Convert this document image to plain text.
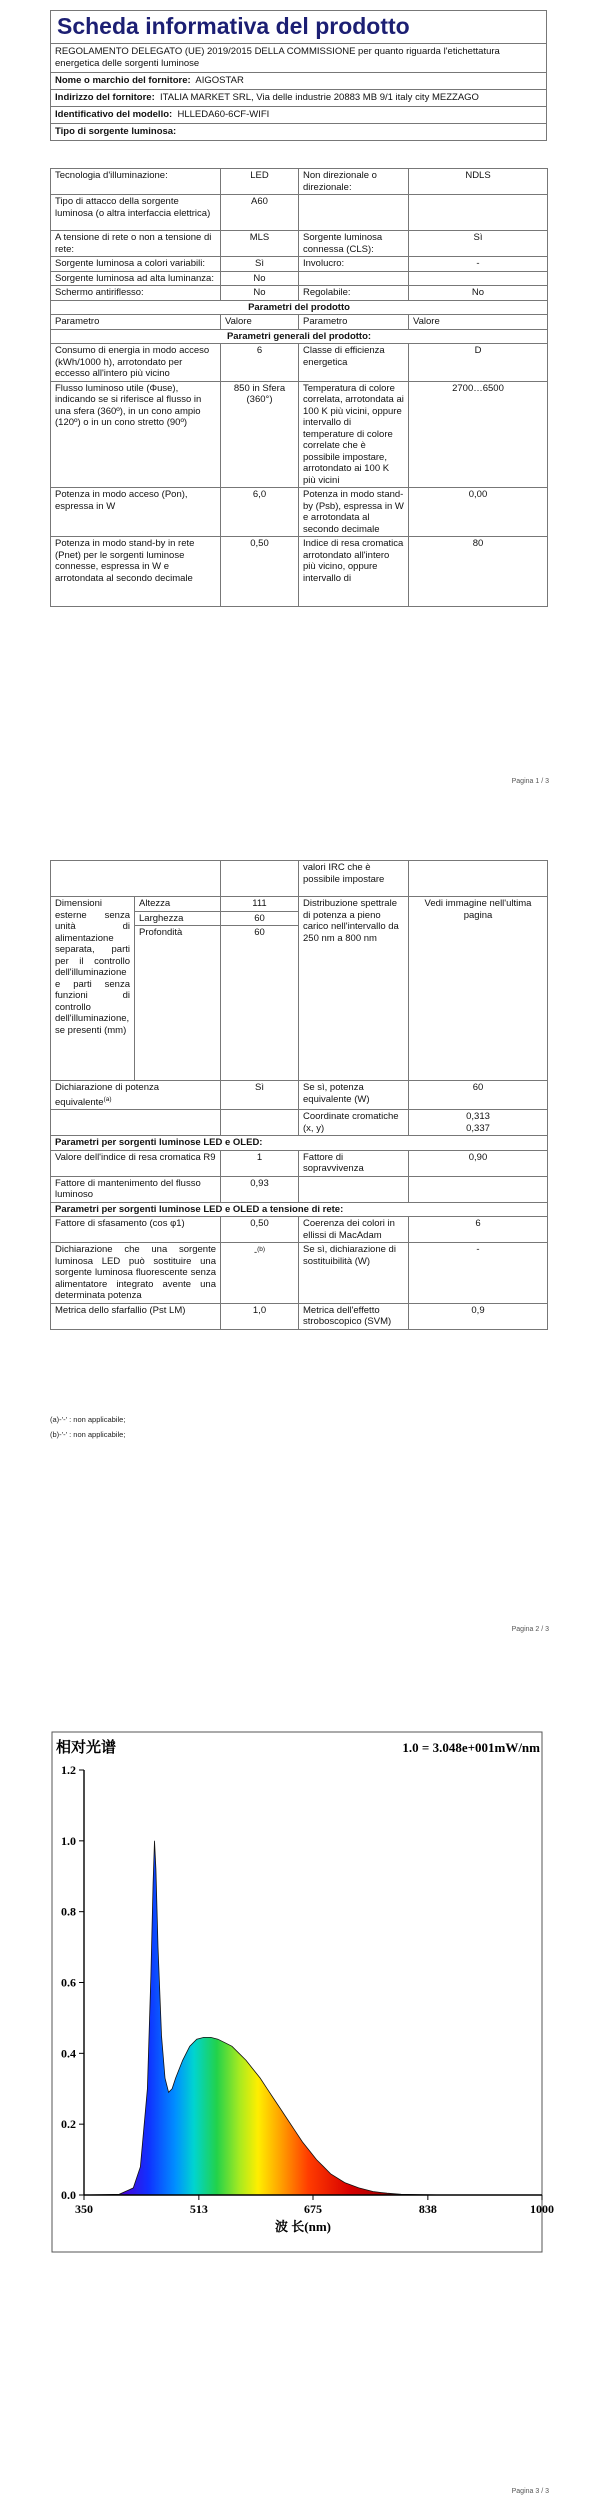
Scheda informativa del prodotto
REGOLAMENTO DELEGATO (UE) 2019/2015 DELLA COMMISSIONE per quanto riguarda l'etichettatura energetica delle sorgenti luminose
Nome o marchio del fornitore: AIGOSTAR
Indirizzo del fornitore: ITALIA MARKET SRL, Via delle industrie 20883 MB 9/1 italy city MEZZAGO
Identificativo del modello: HLLEDA60-6CF-WIFI
Tipo di sorgente luminosa:
Tecnologia d'illuminazione:	LED	Non direzionale o direzionale:	NDLS
Tipo di attacco della sorgente luminosa (o altra interfaccia elettrica)	A60		
A tensione di rete o non a tensione di rete:	MLS	Sorgente luminosa connessa (CLS):	Sì
Sorgente luminosa a colori variabili:	Sì	Involucro:	-
Sorgente luminosa ad alta luminanza:	No		
Schermo antiriflesso:	No	Regolabile:	No
Parametri del prodotto			
Parametro	Valore	Parametro	Valore
Parametri generali del prodotto:			
Consumo di energia in modo acceso (kWh/1000 h), arrotondato per eccesso all'intero più vicino	6	Classe di efficienza energetica	D
Flusso luminoso utile (Φuse), indicando se si riferisce al flusso in una sfera (360º), in un cono ampio (120º) o in un cono stretto (90º)	850 in Sfera (360°)	Temperatura di colore correlata, arrotondata ai 100 K più vicini, oppure intervallo di temperature di colore correlate che è possibile impostare, arrotondato ai 100 K più vicini	2700…6500
Potenza in modo acceso (Pon), espressa in W	6,0	Potenza in modo stand-by (Psb), espressa in W e arrotondata al secondo decimale	0,00
Potenza in modo stand-by in rete (Pnet) per le sorgenti luminose connesse, espressa in W e arrotondata al secondo decimale	0,50	Indice di resa cromatica arrotondato all'intero più vicino, oppure intervallo di	80
Pagina 1 / 3
			valori IRC che è possibile impostare	
Dimensioni esterne senza unità di alimentazione separata, parti per il controllo dell'illuminazione e parti senza funzioni di controllo dell'illuminazione, se presenti (mm)	Altezza	111	Distribuzione spettrale di potenza a pieno carico nell'intervallo da 250 nm a 800 nm	Vedi immagine nell'ultima pagina
	Larghezza	60		
	Profondità	60		
Dichiarazione di potenza equivalente$^{(a)}$		Sì	Se sì, potenza equivalente (W)	60
			Coordinate cromatiche (x, y)	0,313
0,337

Parametri per sorgenti luminose LED e OLED:				
Valore dell'indice di resa cromatica R9		1	Fattore di sopravvivenza	0,90
Fattore di mantenimento del flusso luminoso		0,93		
Parametri per sorgenti luminose LED e OLED a tensione di rete:				
Fattore di sfasamento (cos φ1)		0,50	Coerenza dei colori in ellissi di MacAdam	6
Dichiarazione che una sorgente luminosa LED può sostituire una sorgente luminosa fluorescente senza alimentatore integrato avente una determinata potenza		-$^{(b)}$	Se sì, dichiarazione di sostituibilità (W)	-
Metrica dello sfarfallio (Pst LM)		1,0	Metrica dell'effetto stroboscopico (SVM)	0,9
(a)-'-' : non applicabile;
(b)-'-' : non applicabile;
Pagina 2 / 3
0.0
0.2
0.4
0.6
0.8
1.0
1.2
350	513	675	838	1000
相对光谱	1.0 = 3.048e+001mW/nm
波 长(nm)
Pagina 3 / 3
